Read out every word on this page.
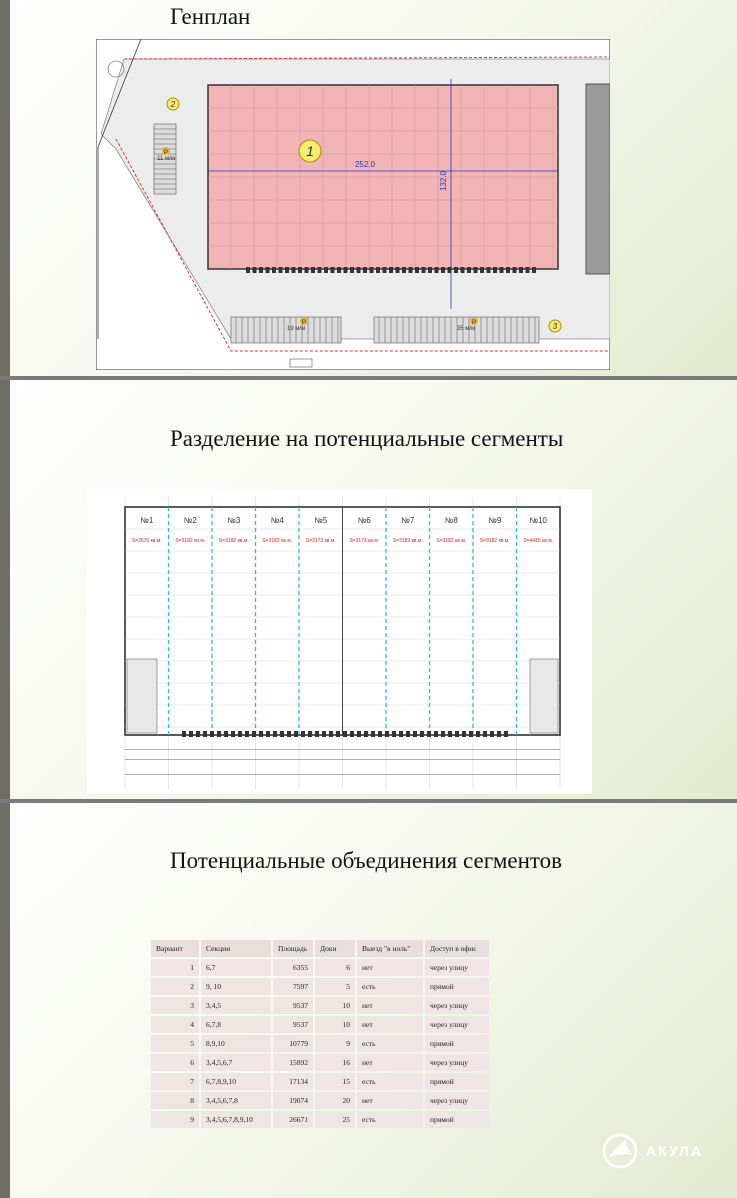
Генплан
1
252.0
132.0
P
11 м/м
P
19 м/м
P
35 м/м
2
3
Разделение на потенциальные сегменты
№1
S=2676 кв.м.
№2
S=3182 кв.м.
№3
S=3182 кв.м.
№4
S=3182 кв.м.
№5
S=3173 кв.м.
№6
S=3173 кв.м.
№7
S=3182 кв.м.
№8
S=3182 кв.м.
№9
S=3182 кв.м.
№10
S=4415 кв.м.
Потенциальные объединения сегментов
Вариант	Секции	Площадь	Доки	Выезд "в ноль"	Доступ в офис
1	6,7	6355	6	нет	через улицу
2	9, 10	7597	5	есть	прямой
3	3,4,5	9537	10	нет	через улицу
4	6,7,8	9537	10	нет	через улицу
5	8,9,10	10779	9	есть	прямой
6	3,4,5,6,7	15892	16	нет	через улицу
7	6,7,8,9,10	17134	15	есть	прямой
8	3,4,5,6,7,8	19074	20	нет	через улицу
9	3,4,5,6,7,8,9,10	26671	25	есть	прямой
АКУЛА
